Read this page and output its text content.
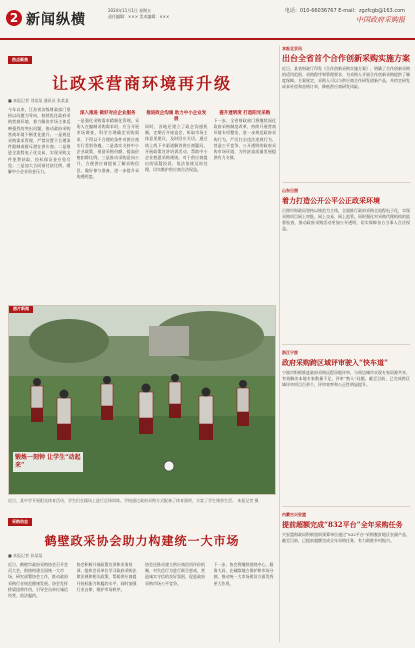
2 新闻纵横
2024年11月1日 星期五
责任编辑：××× 美术编辑：×××
电话：010-66036767 E-mail：zgzfcgb@163.com
中国政府采购报
热点聚焦
让政采营商环境再升级
■ 本报记者 刘某某 通讯员 张某某

今年以来，江苏省各级财政部门坚持以问题为导向，持续优化政府采购营商环境，着力解决市场主体反映强烈的突出问题，推动政府采购营商环境不断优化提升。一是规范采购需求管理，严禁设置不合理条件限制或排斥潜在供应商；二是推进全流程电子化交易，实现采购文件免费获取、投标保证金应免尽免；三是加大合同预付款比例，缓解中小企业资金压力。

深入推进 做好对应企业服务

一是强化采购需求精细化管理。采购人在编制采购需求时，应当开展市场调查，科学合理确定采购需求，不得以不合理的条件对供应商实行差别待遇。二是落实支持中小企业政策，预留采购份额，提高价格扣除比例。三是推动采购意向公开，方便供应商提前了解采购信息，做好参与准备，进一步提升采购透明度。

推进政企沟通 助力中小企业发展

同时，各地还建立了政企沟通机制，定期召开座谈会，听取市场主体意见建议，及时回应关切。通过线上线下多渠道解答供应商疑问，开展政策宣讲培训活动，帮助中小企业熟悉采购规则。对于供应商提出的质疑投诉，依法依规及时处理，切实维护供应商合法权益。

提升透明度 打造阳光采购

下一步，全省财政部门将继续深化政府采购制度改革，持续开展营商环境专项整治，进一步规范政府采购行为，严厉打击违法违规行为，营造公平竞争、公开透明的政府采购市场环境，为经济高质量发展提供有力支撑。

图片新闻
锻炼一刻钟 让学生“动起来”
近日，某中学开展阳光体育活动，学生们在操场上进行足球训练。学校通过政府采购方式配备了体育器材，丰富了学生课余生活。 本报记者 摄
采购动态
鹤壁政采协会助力构建统一大市场
■ 本报记者 孙某某
近日，鹤壁市政府采购协会召开会员大会，围绕构建全国统一大市场，研究部署协会工作，推动政府采购行业规范健康发展。协会发挥桥梁纽带作用，引导会员单位诚信经营、依法履约。
协会积极开展政策宣讲和业务培训，组织会员单位学习政府采购法律法规和相关政策，帮助供应商提升投标能力和履约水平，同时加强行业自律，维护市场秩序。
协会还推动建立供应商信用评价机制，对失信行为进行联合惩戒，营造诚实守信的良好氛围，促进政府采购市场公平竞争。
下一步，协会将继续围绕中心、服务大局，在破除地方保护和市场分割、推动统一大市场建设方面发挥更大作用。
本报北京讯
出台全省首个合作创新采购实施方案
近日，某省财政厅印发《合作创新采购实施方案》，明确了合作创新采购的适用范围、采购程序和管理要求，为采购人开展合作创新采购提供了制度保障。方案规定，采购人可以与供应商合作研发创新产品，并约定研发成本补偿和首购订单，降低供应商研发风险。
山东日照
着力打造公开公平公正政采环境
日照市财政局坚持以规范为主线，全面推行政府采购全流程电子化，实现采购项目网上审批、网上交易、网上监管。同时强化对采购代理机构的监督检查，推动政府采购活动更加公开透明，切实保障各方当事人合法权益。
浙江宁波
政府采购跨区域评审驶入“快车道”
宁波市积极推进政府采购远程异地评审，与周边城市实现专家资源共享，有效解决本地专家数量不足、评审“熟人”问题。截至目前，已完成跨区域评审项目百余个，评审效率和公正性明显提升。
内蒙古兴安盟
提前超额完成“832平台”全年采购任务
兴安盟财政局积极组织预算单位通过“832平台”采购脱贫地区农副产品，截至目前，已提前超额完成全年采购任务，有力助推乡村振兴。
